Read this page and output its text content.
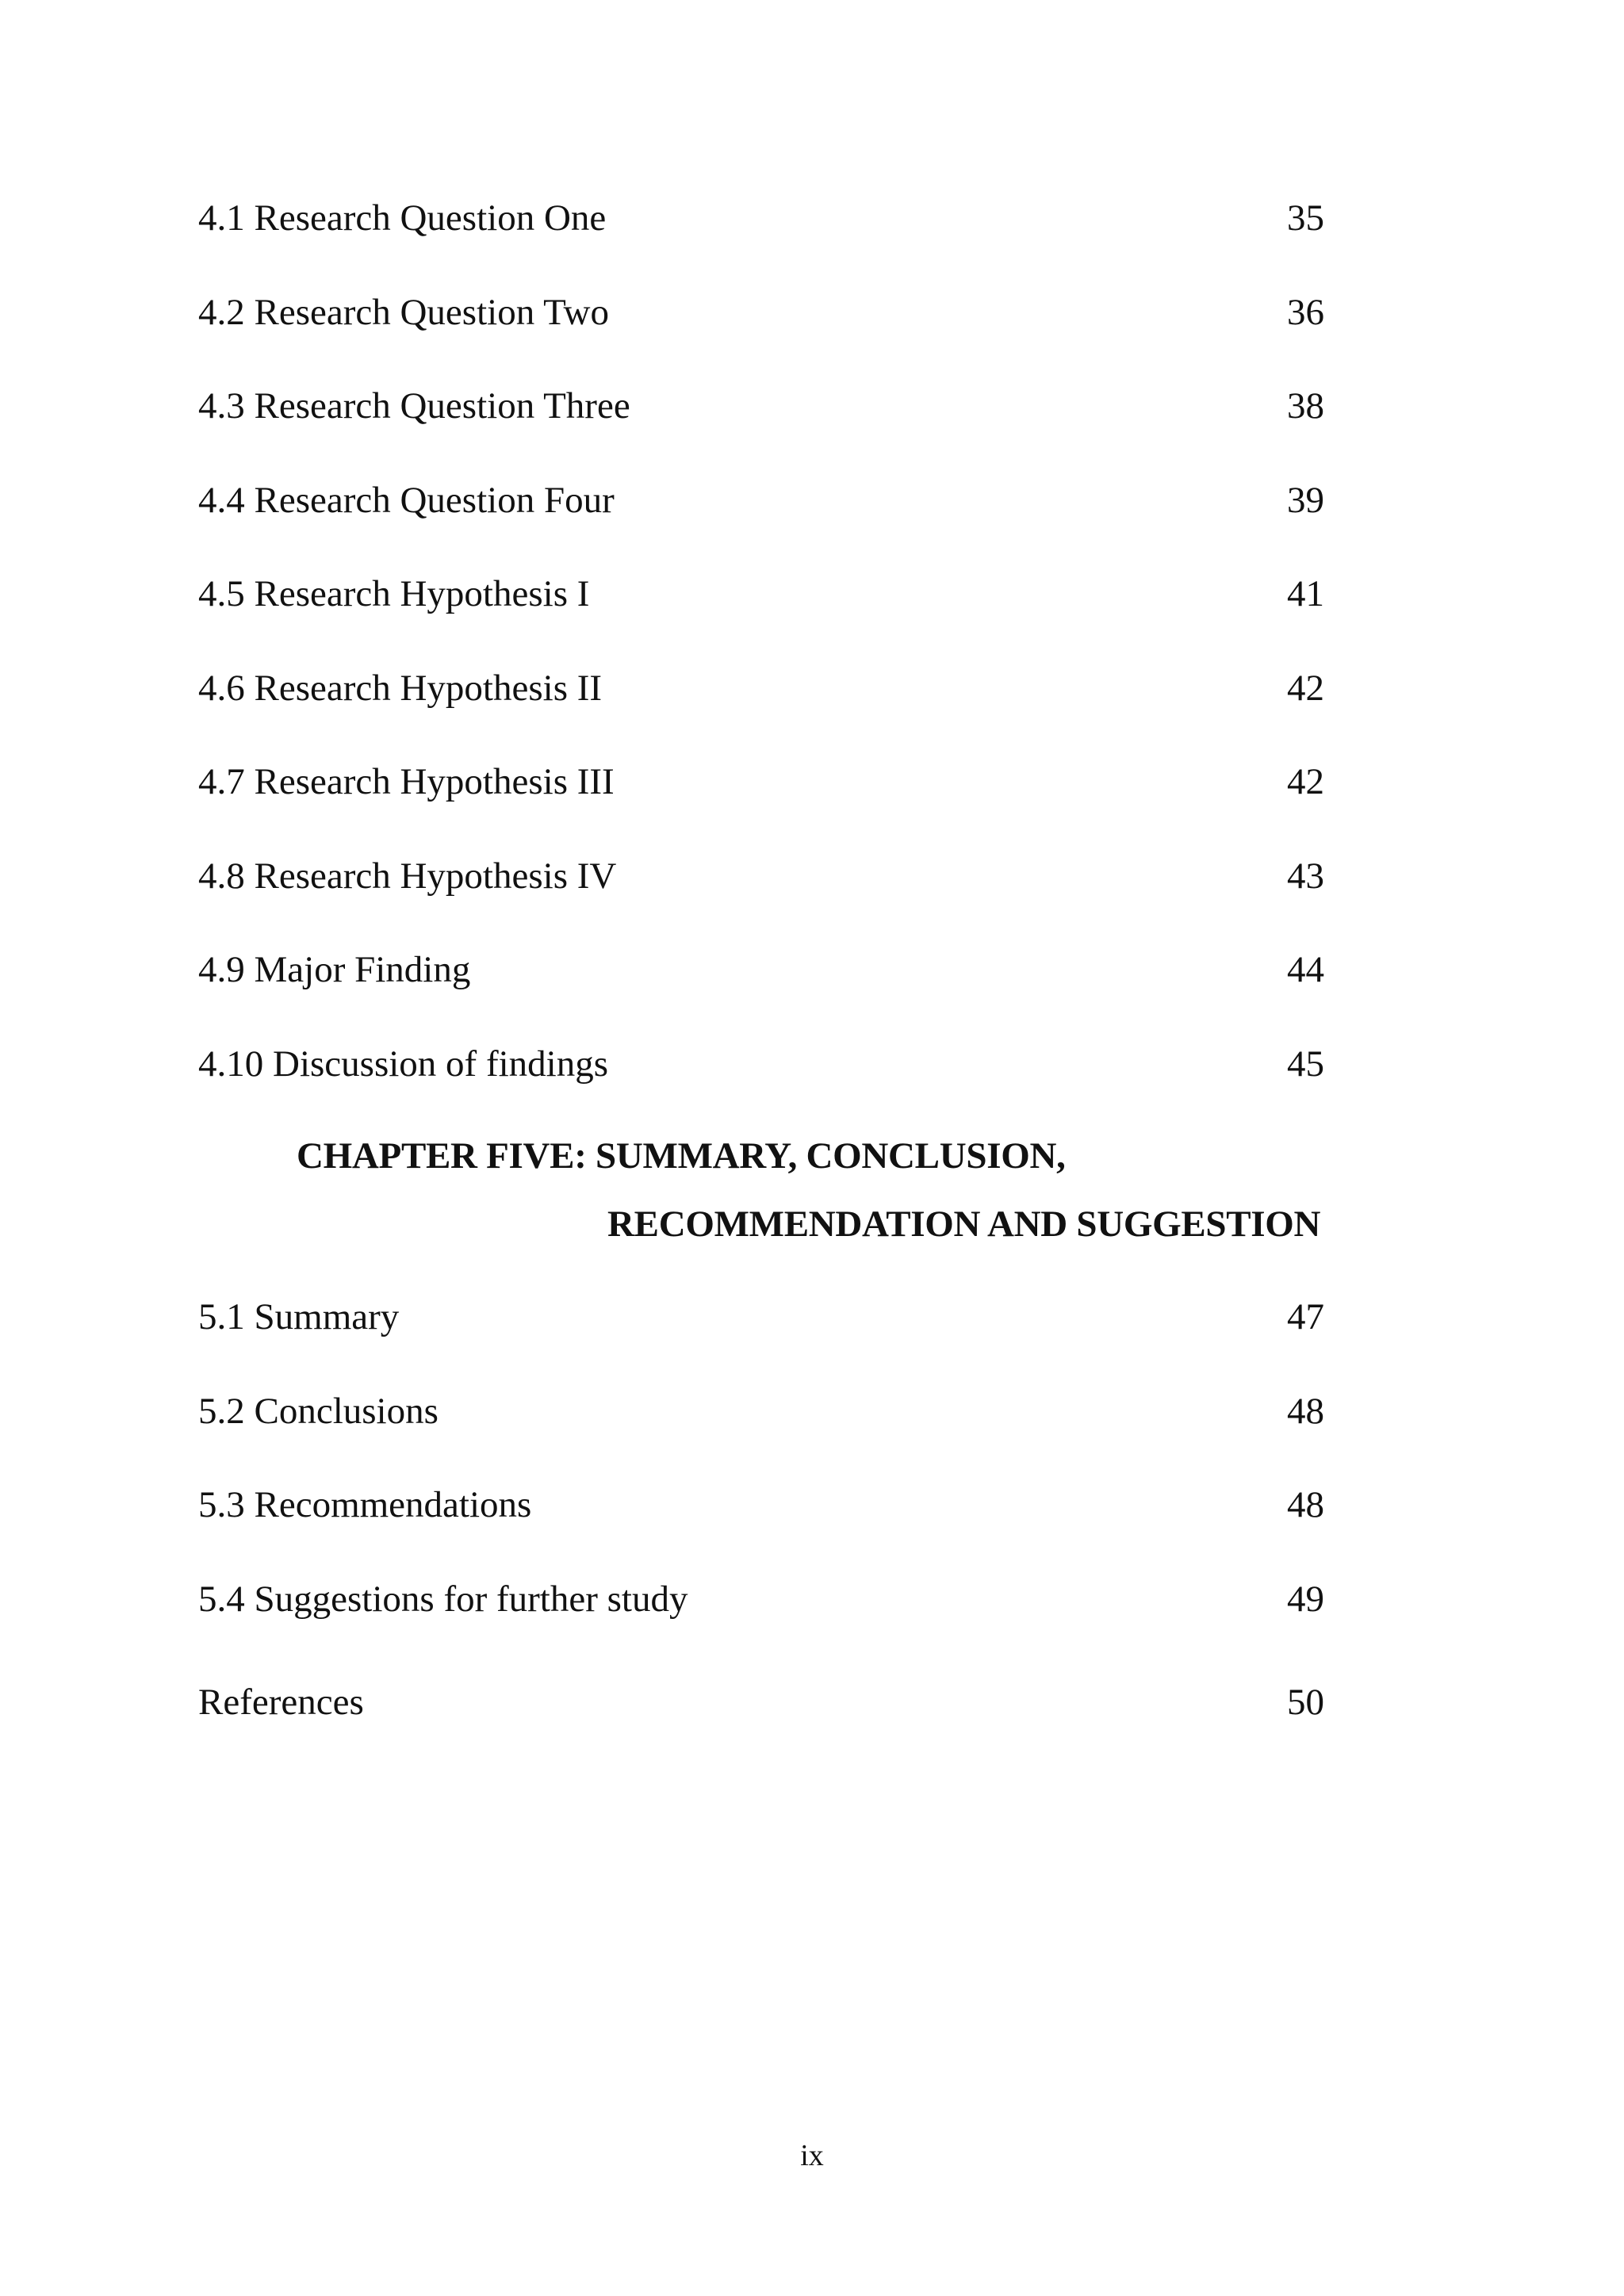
4.1 Research Question One	35
4.2 Research Question Two	36
4.3 Research Question Three	38
4.4 Research Question Four	39
4.5 Research Hypothesis I	41
4.6 Research Hypothesis II	42
4.7 Research Hypothesis III	42
4.8 Research Hypothesis IV	43
4.9 Major Finding	44
4.10 Discussion of findings	45
CHAPTER FIVE: SUMMARY, CONCLUSION,
RECOMMENDATION AND SUGGESTION
5.1 Summary	47
5.2 Conclusions	48
5.3 Recommendations	48
5.4 Suggestions for further study	49
References	50
ix
